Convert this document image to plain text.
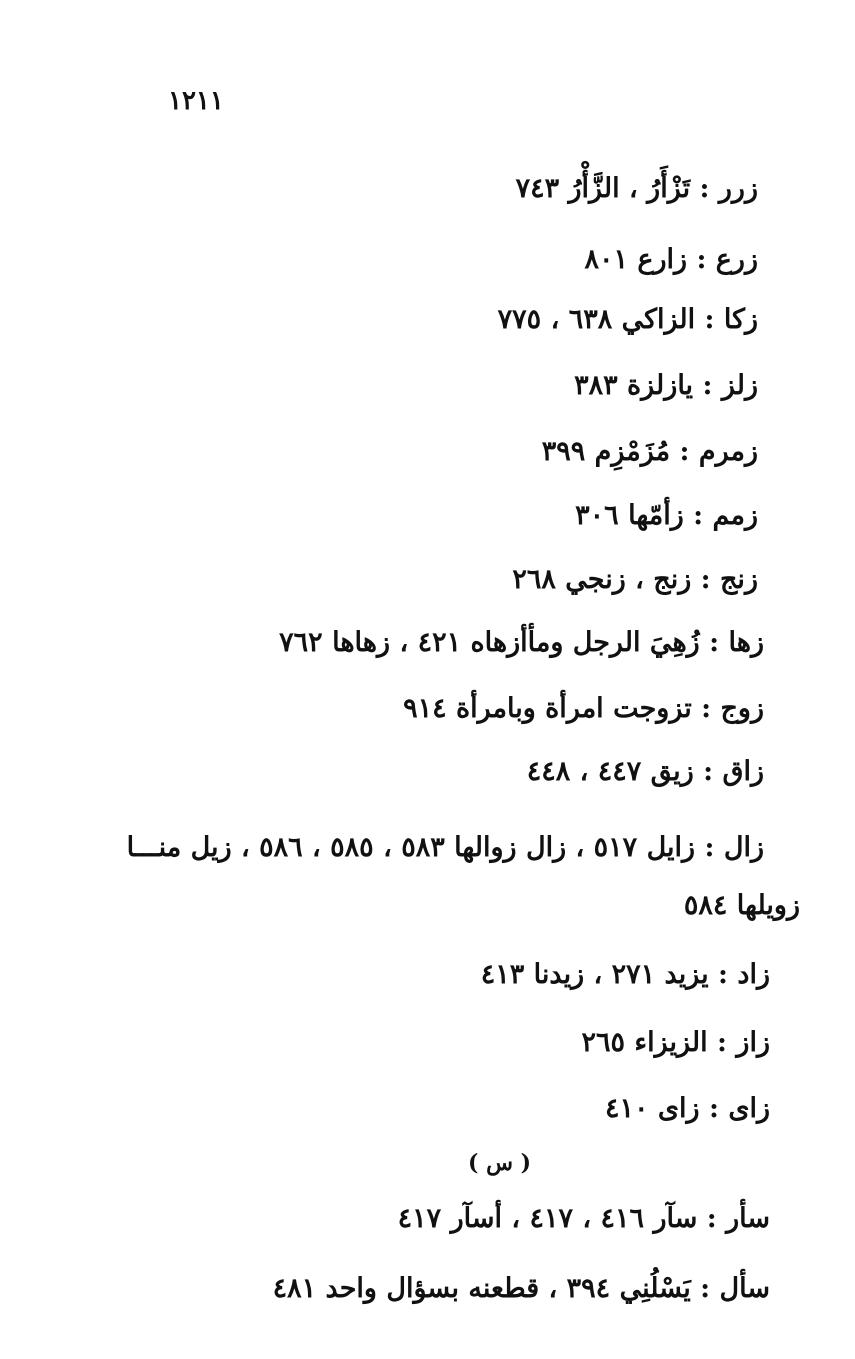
١٢١١
زرر : تَزْأَرُ ، الزَّأْرُ ٧٤٣
زرع : زارع ٨٠١
زكا : الزاكي ٦٣٨ ، ٧٧٥
زلز : يازلزة ٣٨٣
زمرم : مُزَمْزِم ٣٩٩
زمم : زأمّها ٣٠٦
زنج : زنج ، زنجي ٢٦٨
زها : زُهِيَ الرجل ومأأزهاه ٤٢١ ، زهاها ٧٦٢
زوج : تزوجت امرأة وبامرأة ٩١٤
زاق : زيق ٤٤٧ ، ٤٤٨
زال : زايل ٥١٧ ، زال زوالها ٥٨٣ ، ٥٨٥ ، ٥٨٦ ، زيل منـــا
زويلها ٥٨٤
زاد : يزيد ٢٧١ ، زيدنا ٤١٣
زاز : الزيزاء ٢٦٥
زاى : زاى ٤١٠
( س )
سأر : سآر ٤١٦ ، ٤١٧ ، أسآر ٤١٧
سأل : يَسْلُنِي ٣٩٤ ، قطعنه بسؤال واحد ٤٨١
